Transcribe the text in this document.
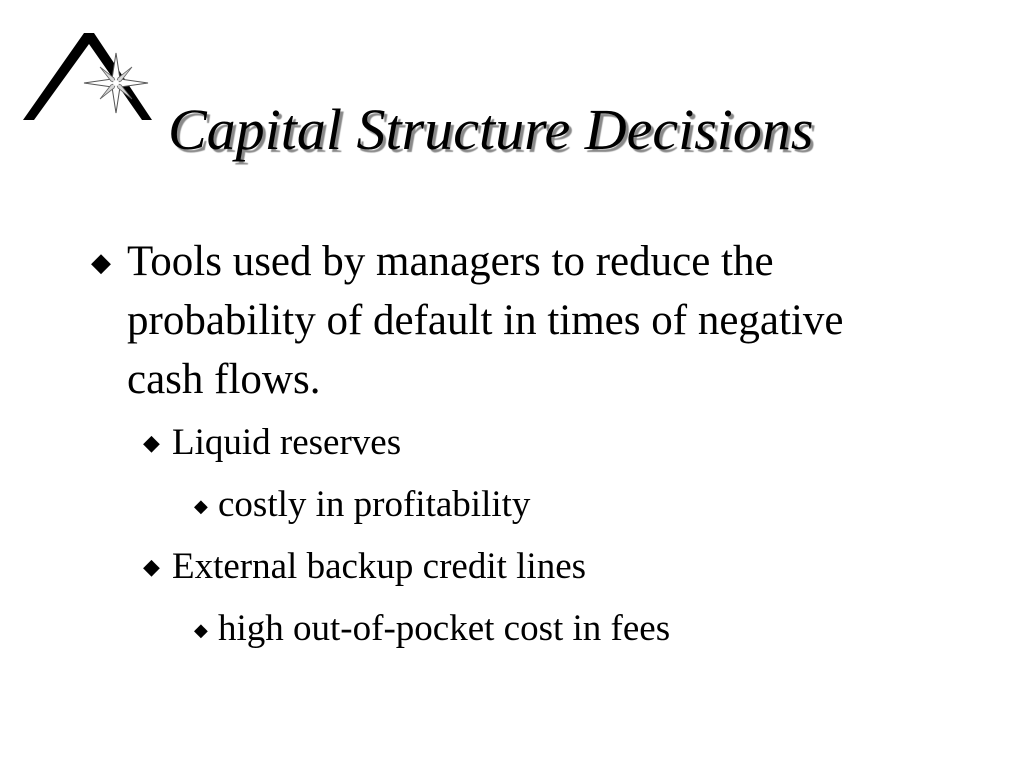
Capital Structure Decisions

◆ Tools used by managers to reduce the probability of default in times of negative cash flows.

◆ Liquid reserves

◆ costly in profitability

◆ External backup credit lines

◆ high out-of-pocket cost in fees
